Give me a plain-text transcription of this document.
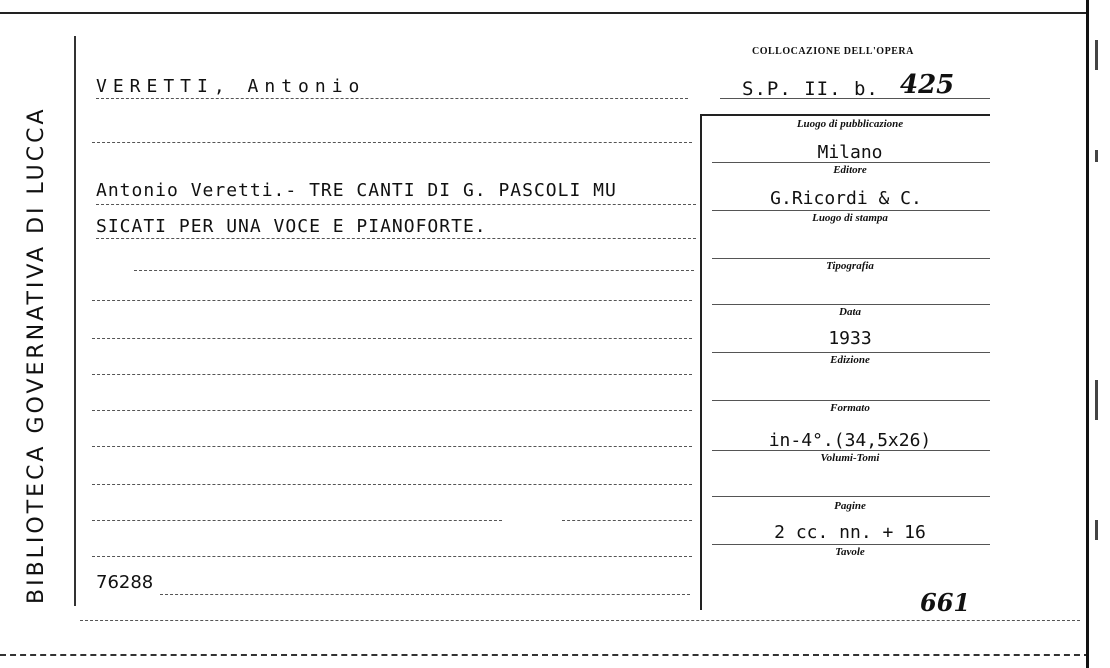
BIBLIOTECA GOVERNATIVA DI LUCCA
VERETTI, Antonio
COLLOCAZIONE DELL'OPERA
S.P. II. b. 425
Antonio Veretti.- TRE CANTI DI G. PASCOLI MU
SICATI PER UNA VOCE E PIANOFORTE.
76288
Luogo di pubblicazione
Milano
Editore
G.Ricordi & C.
Luogo di stampa
Tipografia
Data
1933
Edizione
Formato
in-4°.(34,5x26)
Volumi-Tomi
Pagine
2 cc. nn. + 16
Tavole
661
